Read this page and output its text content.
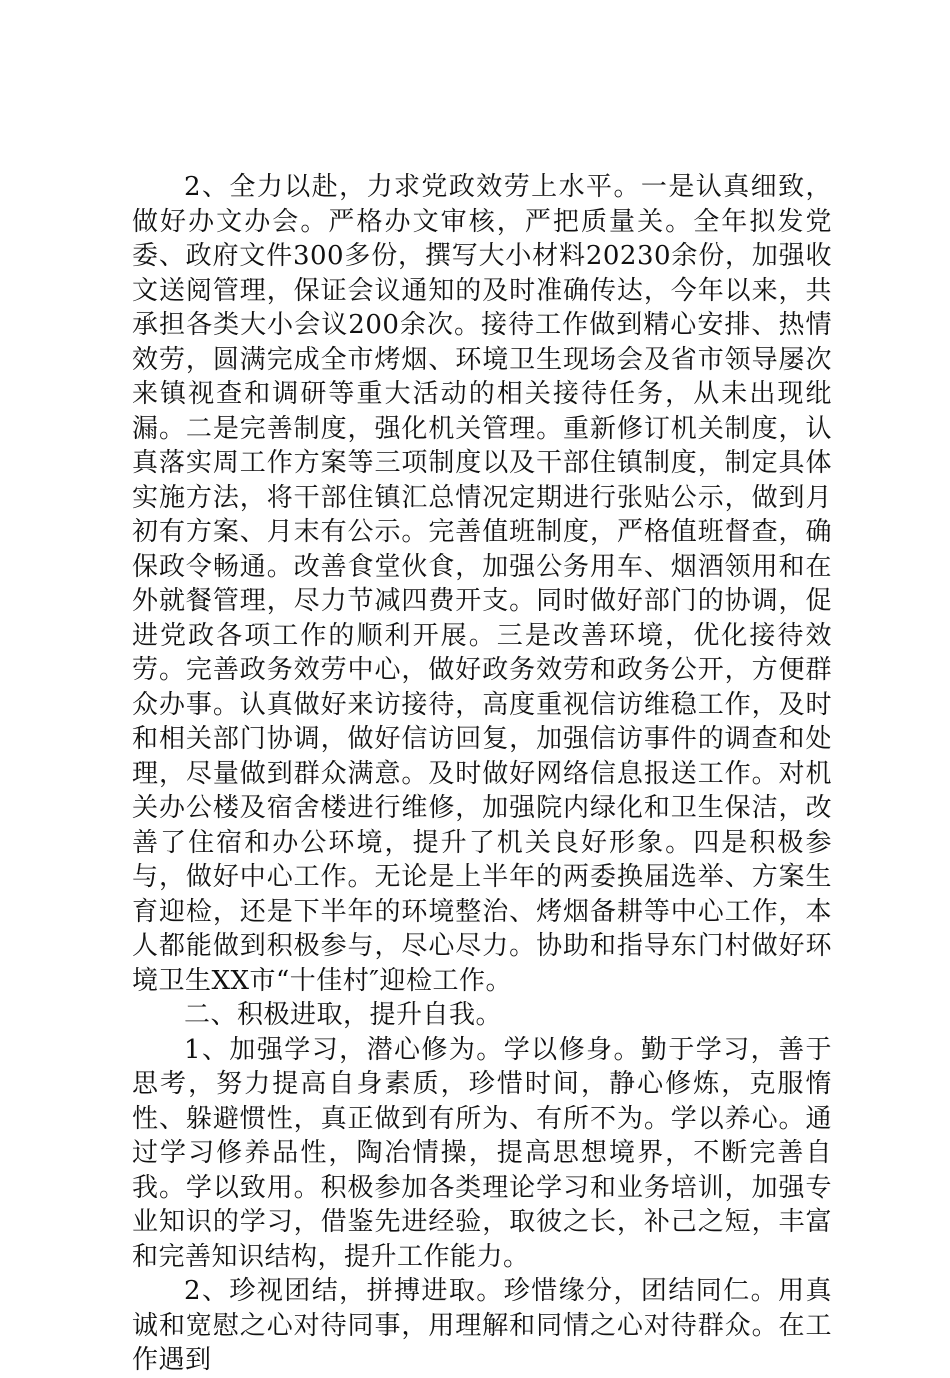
2、全力以赴，力求党政效劳上水平。一是认真细致，做好办文办会。严格办文审核，严把质量关。全年拟发党委、政府文件300多份，撰写大小材料20230余份，加强收文送阅管理，保证会议通知的及时准确传达，今年以来，共承担各类大小会议200余次。接待工作做到精心安排、热情效劳，圆满完成全市烤烟、环境卫生现场会及省市领导屡次来镇视查和调研等重大活动的相关接待任务，从未出现纰漏。二是完善制度，强化机关管理。重新修订机关制度，认真落实周工作方案等三项制度以及干部住镇制度，制定具体实施方法，将干部住镇汇总情况定期进行张贴公示，做到月初有方案、月末有公示。完善值班制度，严格值班督查，确保政令畅通。改善食堂伙食，加强公务用车、烟酒领用和在外就餐管理，尽力节减四费开支。同时做好部门的协调，促进党政各项工作的顺利开展。三是改善环境，优化接待效劳。完善政务效劳中心，做好政务效劳和政务公开，方便群众办事。认真做好来访接待，高度重视信访维稳工作，及时和相关部门协调，做好信访回复，加强信访事件的调查和处理，尽量做到群众满意。及时做好网络信息报送工作。对机关办公楼及宿舍楼进行维修，加强院内绿化和卫生保洁，改善了住宿和办公环境，提升了机关良好形象。四是积极参与，做好中心工作。无论是上半年的两委换届选举、方案生育迎检，还是下半年的环境整治、烤烟备耕等中心工作，本人都能做到积极参与，尽心尽力。协助和指导东门村做好环境卫生XX市“十佳村″迎检工作。

二、积极进取，提升自我。

1、加强学习，潜心修为。学以修身。勤于学习，善于思考，努力提高自身素质，珍惜时间，静心修炼，克服惰性、躲避惯性，真正做到有所为、有所不为。学以养心。通过学习修养品性，陶冶情操，提高思想境界，不断完善自我。学以致用。积极参加各类理论学习和业务培训，加强专业知识的学习，借鉴先进经验，取彼之长，补己之短，丰富和完善知识结构，提升工作能力。

2、珍视团结，拼搏进取。珍惜缘分，团结同仁。用真诚和宽慰之心对待同事，用理解和同情之心对待群众。在工作遇到
